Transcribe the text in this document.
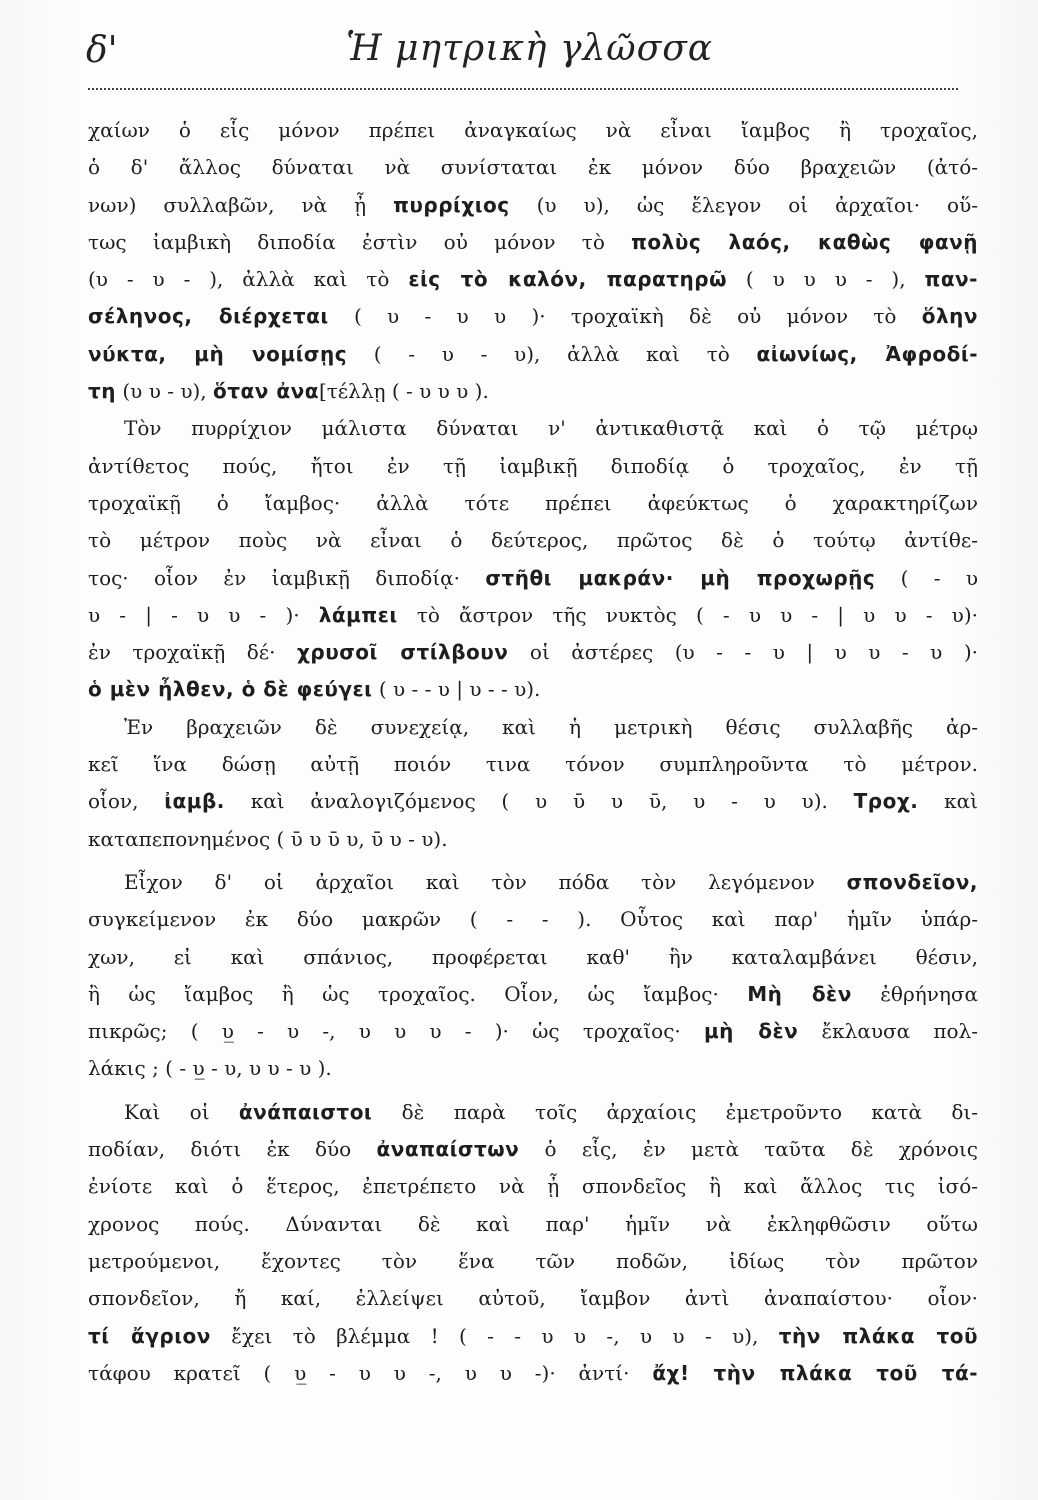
δ'	Ἡ μητρικὴ γλῶσσα
χαίων ὁ εἷς μόνον πρέπει ἀναγκαίως νὰ εἶναι ἴαμβος ἢ τροχαῖος,
ὁ δ' ἄλλος δύναται νὰ συνίσταται ἐκ μόνον δύο βραχειῶν (ἀτό-
νων) συλλαβῶν, νὰ ᾖ πυρρίχιος (υ υ), ὡς ἔλεγον οἱ ἀρχαῖοι· οὕ-
τως ἰαμβικὴ διποδία ἐστὶν οὐ μόνον τὸ πολὺς λαός, καθὼς φανῇ
(υ - υ - ), ἀλλὰ καὶ τὸ εἰς τὸ καλόν, παρατηρῶ ( υ υ υ - ), παν-
σέληνος, διέρχεται ( υ - υ υ )· τροχαϊκὴ δὲ οὐ μόνον τὸ ὅλην
νύκτα, μὴ νομίσῃς ( - υ - υ), ἀλλὰ καὶ τὸ αἰωνίως, Ἀφροδί-
τη (υ υ - υ), ὅταν ἀνα[τέλλῃ ( - υ υ υ ).
Τὸν πυρρίχιον μάλιστα δύναται ν' ἀντικαθιστᾷ καὶ ὁ τῷ μέτρῳ
ἀντίθετος πούς, ἤτοι ἐν τῇ ἰαμβικῇ διποδίᾳ ὁ τροχαῖος, ἐν τῇ
τροχαϊκῇ ὁ ἴαμβος· ἀλλὰ τότε πρέπει ἀφεύκτως ὁ χαρακτηρίζων
τὸ μέτρον ποὺς νὰ εἶναι ὁ δεύτερος, πρῶτος δὲ ὁ τούτῳ ἀντίθε-
τος· οἷον ἐν ἰαμβικῇ διποδίᾳ· στῆθι μακράν· μὴ προχωρῇς ( - υ
υ - | - υ υ - )· λάμπει τὸ ἄστρον τῆς νυκτὸς ( - υ υ - | υ υ - υ)·
ἐν τροχαϊκῇ δέ· χρυσοῖ στίλβουν οἱ ἀστέρες (υ - - υ | υ υ - υ )·
ὁ μὲν ἦλθεν, ὁ δὲ φεύγει ( υ - - υ | υ - - υ).
Ἐν βραχειῶν δὲ συνεχείᾳ, καὶ ἡ μετρικὴ θέσις συλλαβῆς ἀρ-
κεῖ ἵνα δώσῃ αὐτῇ ποιόν τινα τόνον συμπληροῦντα τὸ μέτρον.
οἷον, ἰαμβ. καὶ ἀναλογιζόμενος ( υ ῡ υ ῡ, υ - υ υ). Τροχ. καὶ
καταπεπονημένος ( ῡ υ ῡ υ, ῡ υ - υ).
Εἶχον δ' οἱ ἀρχαῖοι καὶ τὸν πόδα τὸν λεγόμενον σπονδεῖον,
συγκείμενον ἐκ δύο μακρῶν ( - - ). Οὗτος καὶ παρ' ἡμῖν ὑπάρ-
χων, εἰ καὶ σπάνιος, προφέρεται καθ' ἣν καταλαμβάνει θέσιν,
ἢ ὡς ἴαμβος ἢ ὡς τροχαῖος. Οἷον, ὡς ἴαμβος· Μὴ δὲν ἐθρήνησα
πικρῶς; ( υ̲ - υ -, υ υ υ - )· ὡς τροχαῖος· μὴ δὲν ἔκλαυσα πολ-
λάκις ; ( - υ̲ - υ, υ υ - υ ).
Καὶ οἱ ἀνάπαιστοι δὲ παρὰ τοῖς ἀρχαίοις ἐμετροῦντο κατὰ δι-
ποδίαν, διότι ἐκ δύο ἀναπαίστων ὁ εἷς, ἐν μετὰ ταῦτα δὲ χρόνοις
ἐνίοτε καὶ ὁ ἕτερος, ἐπετρέπετο νὰ ᾖ σπονδεῖος ἢ καὶ ἄλλος τις ἰσό-
χρονος πούς. Δύνανται δὲ καὶ παρ' ἡμῖν νὰ ἐκληφθῶσιν οὕτω
μετρούμενοι, ἔχοντες τὸν ἕνα τῶν ποδῶν, ἰδίως τὸν πρῶτον
σπονδεῖον, ἤ καί, ἐλλείψει αὐτοῦ, ἴαμβον ἀντὶ ἀναπαίστου· οἷον·
τί ἄγριον ἔχει τὸ βλέμμα ! ( - - υ υ -, υ υ - υ), τὴν πλάκα τοῦ
τάφου κρατεῖ ( υ̲ - υ υ -, υ υ -)· ἀντί· ἄχ! τὴν πλάκα τοῦ τά-
